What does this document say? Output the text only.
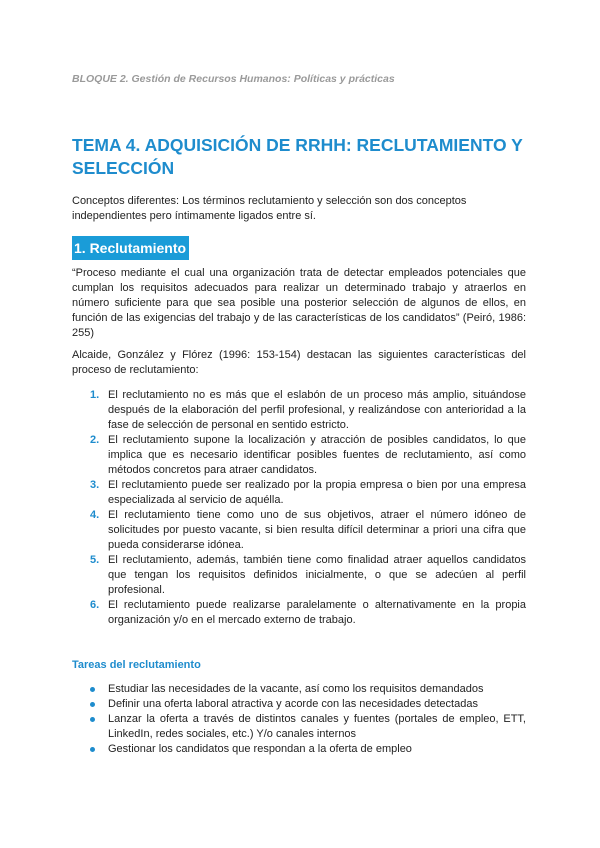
BLOQUE 2. Gestión de Recursos Humanos: Políticas y prácticas
TEMA 4. ADQUISICIÓN DE RRHH: RECLUTAMIENTO Y SELECCIÓN

Conceptos diferentes: Los términos reclutamiento y selección son dos conceptos independientes pero íntimamente ligados entre sí.

1. Reclutamiento

“Proceso mediante el cual una organización trata de detectar empleados potenciales que cumplan los requisitos adecuados para realizar un determinado trabajo y atraerlos en número suficiente para que sea posible una posterior selección de algunos de ellos, en función de las exigencias del trabajo y de las características de los candidatos” (Peiró, 1986: 255)

Alcaide, González y Flórez (1996: 153-154) destacan las siguientes características del proceso de reclutamiento:

1. El reclutamiento no es más que el eslabón de un proceso más amplio, situándose después de la elaboración del perfil profesional, y realizándose con anterioridad a la fase de selección de personal en sentido estricto.
2. El reclutamiento supone la localización y atracción de posibles candidatos, lo que implica que es necesario identificar posibles fuentes de reclutamiento, así como métodos concretos para atraer candidatos.
3. El reclutamiento puede ser realizado por la propia empresa o bien por una empresa especializada al servicio de aquélla.
4. El reclutamiento tiene como uno de sus objetivos, atraer el número idóneo de solicitudes por puesto vacante, si bien resulta difícil determinar a priori una cifra que pueda considerarse idónea.
5. El reclutamiento, además, también tiene como finalidad atraer aquellos candidatos que tengan los requisitos definidos inicialmente, o que se adecúen al perfil profesional.
6. El reclutamiento puede realizarse paralelamente o alternativamente en la propia organización y/o en el mercado externo de trabajo.
Tareas del reclutamiento
Estudiar las necesidades de la vacante, así como los requisitos demandados
Definir una oferta laboral atractiva y acorde con las necesidades detectadas
Lanzar la oferta a través de distintos canales y fuentes (portales de empleo, ETT, LinkedIn, redes sociales, etc.) Y/o canales internos
Gestionar los candidatos que respondan a la oferta de empleo
